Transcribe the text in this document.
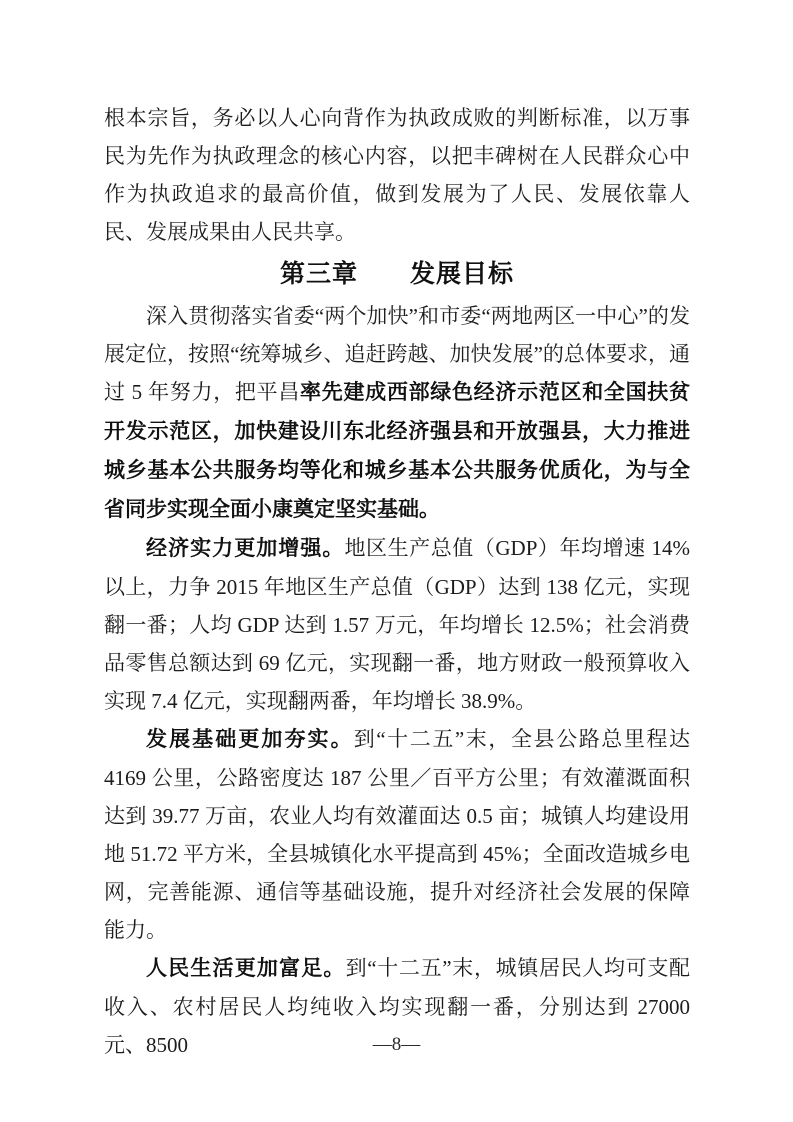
根本宗旨，务必以人心向背作为执政成败的判断标准，以万事民为先作为执政理念的核心内容，以把丰碑树在人民群众心中作为执政追求的最高价值，做到发展为了人民、发展依靠人民、发展成果由人民共享。

第三章　　发展目标

深入贯彻落实省委“两个加快”和市委“两地两区一中心”的发展定位，按照“统筹城乡、追赶跨越、加快发展”的总体要求，通过 5 年努力，把平昌率先建成西部绿色经济示范区和全国扶贫开发示范区，加快建设川东北经济强县和开放强县，大力推进城乡基本公共服务均等化和城乡基本公共服务优质化，为与全省同步实现全面小康奠定坚实基础。

经济实力更加增强。地区生产总值（GDP）年均增速 14%以上，力争 2015 年地区生产总值（GDP）达到 138 亿元，实现翻一番；人均 GDP 达到 1.57 万元，年均增长 12.5%；社会消费品零售总额达到 69 亿元，实现翻一番，地方财政一般预算收入实现 7.4 亿元，实现翻两番，年均增长 38.9%。

发展基础更加夯实。到“十二五”末，全县公路总里程达 4169 公里，公路密度达 187 公里／百平方公里；有效灌溉面积达到 39.77 万亩，农业人均有效灌面达 0.5 亩；城镇人均建设用地 51.72 平方米，全县城镇化水平提高到 45%；全面改造城乡电网，完善能源、通信等基础设施，提升对经济社会发展的保障能力。

人民生活更加富足。到“十二五”末，城镇居民人均可支配收入、农村居民人均纯收入均实现翻一番，分别达到 27000 元、8500	—8—
